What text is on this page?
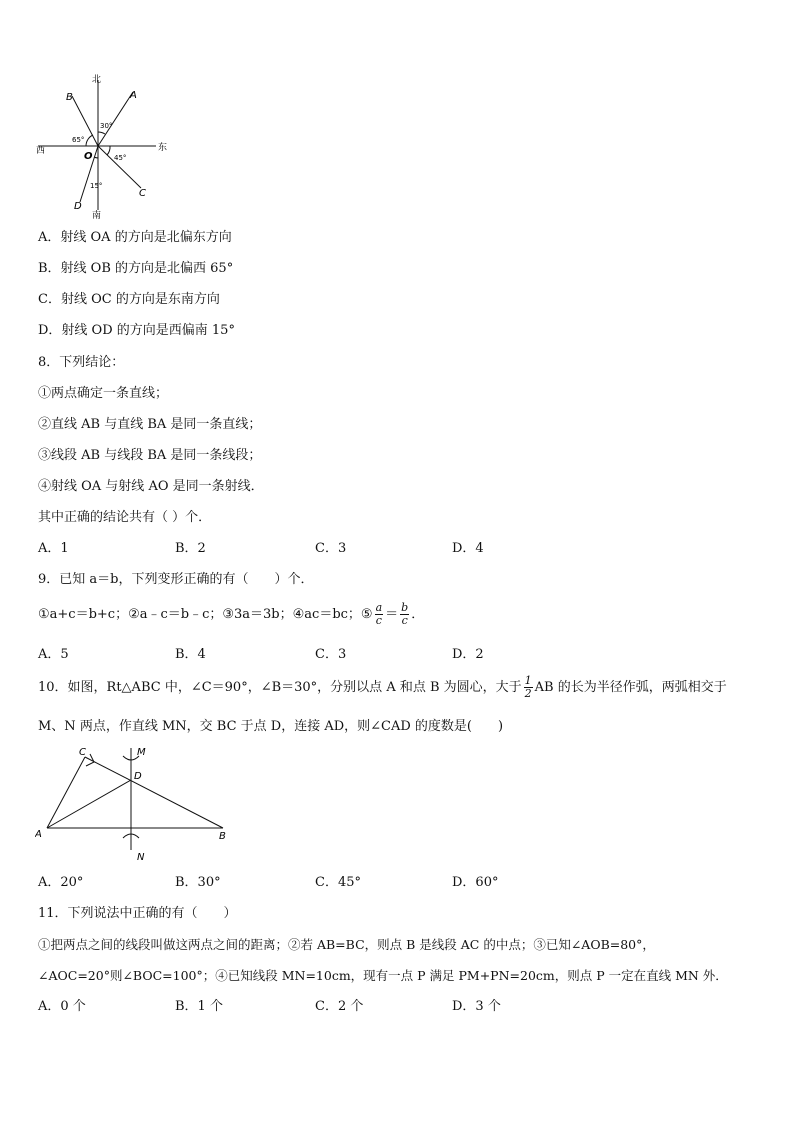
北
南
东
西	O
A
B
C
D
30°
65°
45°
15°
A．射线 OA 的方向是北偏东方向
B．射线 OB 的方向是北偏西 65°
C．射线 OC 的方向是东南方向
D．射线 OD 的方向是西偏南 15°
8．下列结论：
①两点确定一条直线；
②直线 AB 与直线 BA 是同一条直线；
③线段 AB 与线段 BA 是同一条线段；
④射线 OA 与射线 AO 是同一条射线．
其中正确的结论共有（ ）个．
A．1	B．2	C．3	D．4
9．已知 a＝b，下列变形正确的有（　　）个．
①a+c＝b+c；②a﹣c＝b﹣c；③3a＝3b；④ac＝bc；⑤ $\frac{a}{c} = \frac{b}{c}$ ．
A．5	B．4	C．3	D．2
10．如图，Rt△ABC 中，∠C＝90°，∠B＝30°，分别以点 A 和点 B 为圆心，大于 $\frac{1}{2}$ AB 的长为半径作弧，两弧相交于
M、N 两点，作直线 MN，交 BC 于点 D，连接 AD，则∠CAD 的度数是(　　)
A	B
C
D
M
N
A．20°	B．30°	C．45°	D．60°
11．下列说法中正确的有（　　）
①把两点之间的线段叫做这两点之间的距离；②若 AB=BC，则点 B 是线段 AC 的中点；③已知∠AOB=80°，
∠AOC=20°则∠BOC=100°；④已知线段 MN=10cm，现有一点 P 满足 PM+PN=20cm，则点 P 一定在直线 MN 外．
A．0 个	B．1 个	C．2 个	D．3 个
